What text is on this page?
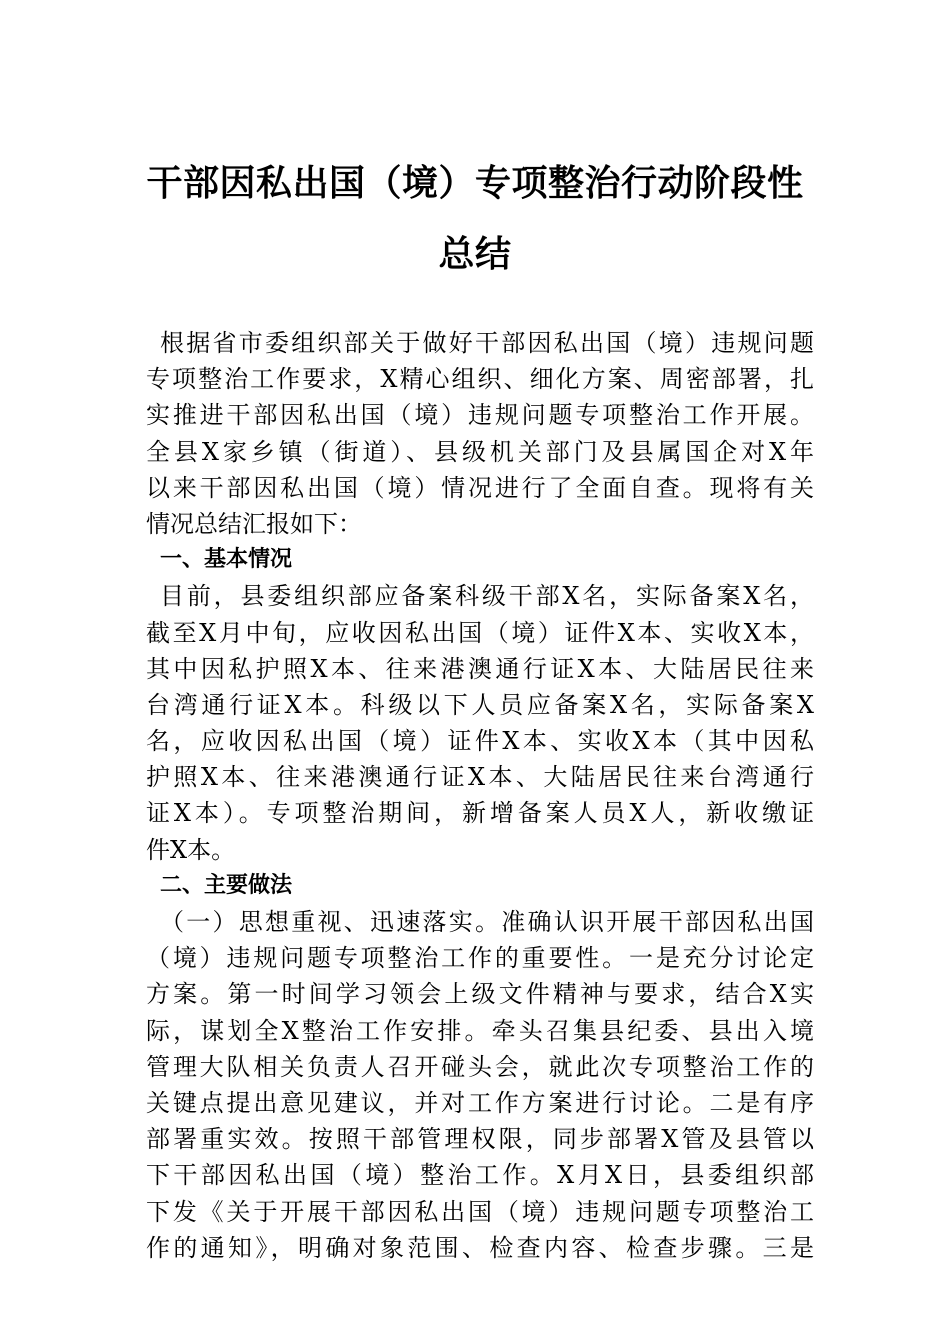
干部因私出国（境）专项整治行动阶段性
总结
根据省市委组织部关于做好干部因私出国（境）违规问题
专项整治工作要求，X精心组织、细化方案、周密部署，扎
实推进干部因私出国（境）违规问题专项整治工作开展。
全县X家乡镇（街道）、县级机关部门及县属国企对X年
以来干部因私出国（境）情况进行了全面自查。现将有关
情况总结汇报如下：
一、基本情况
目前，县委组织部应备案科级干部X名，实际备案X名，
截至X月中旬，应收因私出国（境）证件X本、实收X本，
其中因私护照X本、往来港澳通行证X本、大陆居民往来
台湾通行证X本。科级以下人员应备案X名，实际备案X
名，应收因私出国（境）证件X本、实收X本（其中因私
护照X本、往来港澳通行证X本、大陆居民往来台湾通行
证X本）。专项整治期间，新增备案人员X人，新收缴证
件X本。
二、主要做法
（一）思想重视、迅速落实。准确认识开展干部因私出国
（境）违规问题专项整治工作的重要性。一是充分讨论定
方案。第一时间学习领会上级文件精神与要求，结合X实
际，谋划全X整治工作安排。牵头召集县纪委、县出入境
管理大队相关负责人召开碰头会，就此次专项整治工作的
关键点提出意见建议，并对工作方案进行讨论。二是有序
部署重实效。按照干部管理权限，同步部署X管及县管以
下干部因私出国（境）整治工作。X月X日，县委组织部
下发《关于开展干部因私出国（境）违规问题专项整治工
作的通知》，明确对象范围、检查内容、检查步骤。三是
